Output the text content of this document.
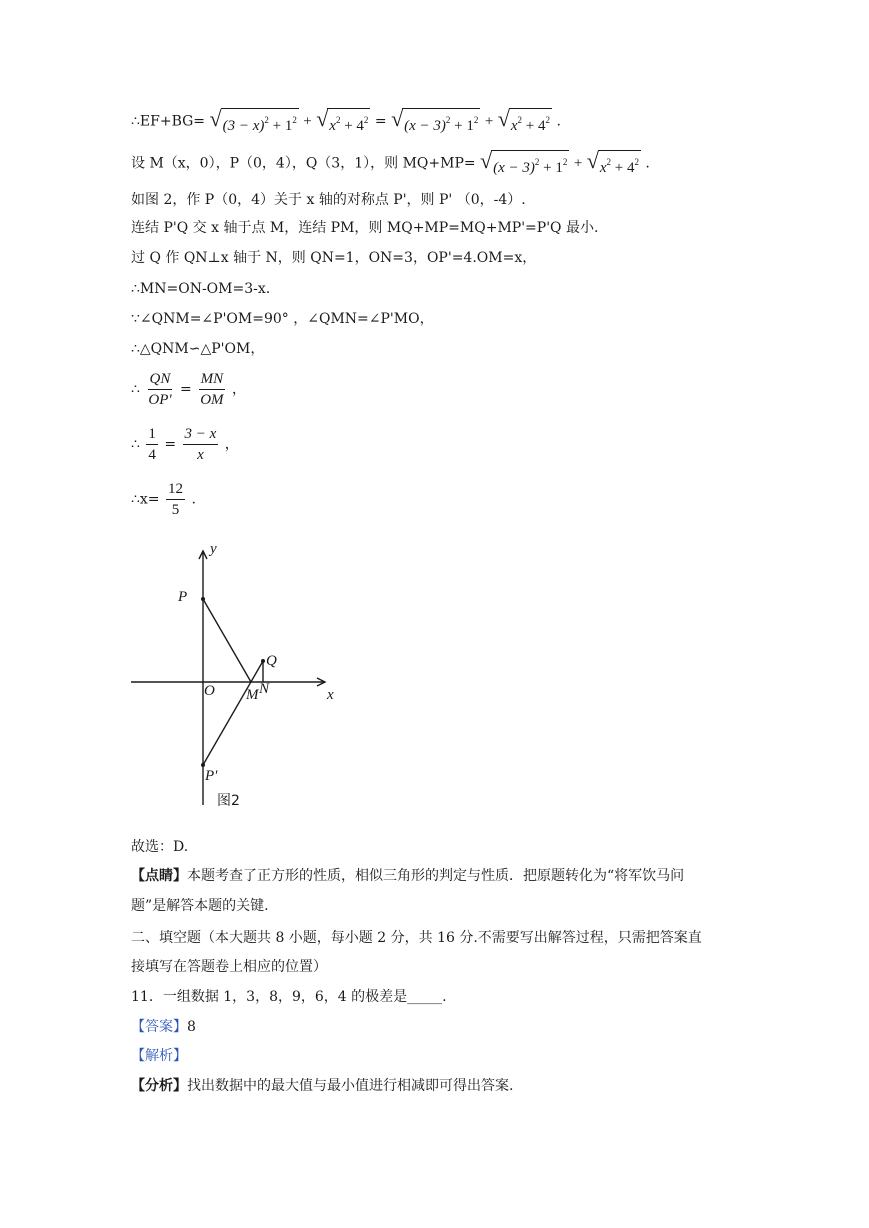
∴EF+BG= √ $(3 - x)^2 + 1^2$ + √ $x^2 + 4^2$ = √ $(x - 3)^2 + 1^2$ + √ $x^2 + 4^2$ .
设 M（x，0），P（0，4），Q（3，1），则 MQ+MP= √ $(x - 3)^2 + 1^2$ + √ $x^2 + 4^2$ .
如图 2，作 P（0，4）关于 x 轴的对称点 P'，则 P' （0，-4）.
连结 P'Q 交 x 轴于点 M，连结 PM，则 MQ+MP=MQ+MP'=P'Q 最小.
过 Q 作 QN⊥x 轴于 N，则 QN=1，ON=3，OP'=4.OM=x，
∴MN=ON-OM=3-x.
∵∠QNM=∠P'OM=90° ，∠QMN=∠P'MO，
∴△QNM∽△P'OM，
∴ $\frac{QN}{OP'} = \frac{MN}{OM}$ ，
∴ $\frac{1}{4} = \frac{3 - x}{x}$ ，
∴x= $\frac{12}{5}$ .
y
x
P
O
Q
M N
P'
图2
故选：D.
【点睛】本题考查了正方形的性质，相似三角形的判定与性质．把原题转化为“将军饮马问
题”是解答本题的关键.
二、填空题（本大题共 8 小题，每小题 2 分，共 16 分.不需要写出解答过程，只需把答案直
接填写在答题卷上相应的位置）
11．一组数据 1，3，8，9，6，4 的极差是_____.
【答案】8
【解析】
【分析】找出数据中的最大值与最小值进行相减即可得出答案.
